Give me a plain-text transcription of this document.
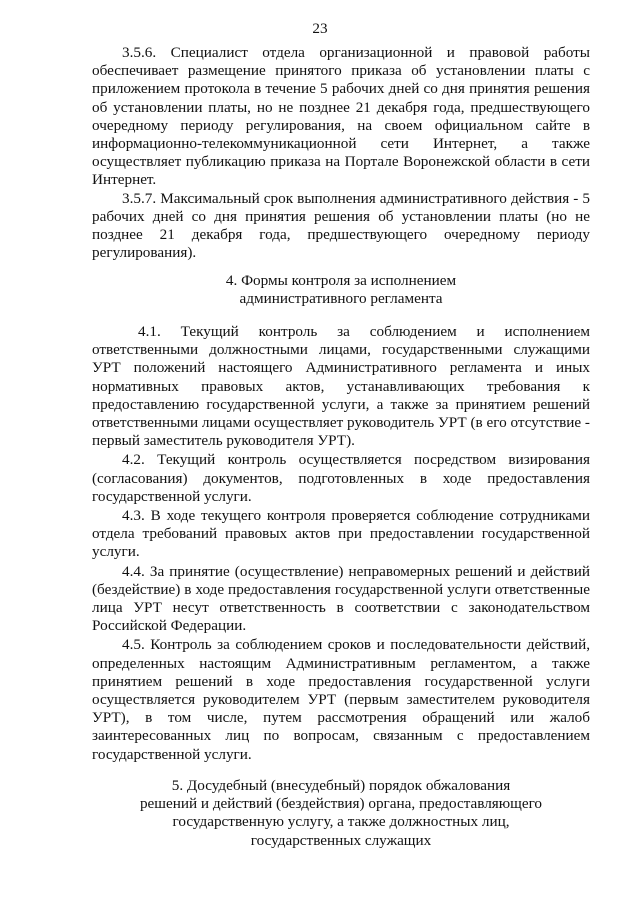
23

3.5.6. Специалист отдела организационной и правовой работы обеспечивает размещение принятого приказа об установлении платы с приложением протокола в течение 5 рабочих дней со дня принятия решения об установлении платы, но не позднее 21 декабря года, предшествующего очередному периоду регулирования, на своем официальном сайте в информационно-телекоммуникационной сети Интернет, а также осуществляет публикацию приказа на Портале Воронежской области в сети Интернет.

3.5.7. Максимальный срок выполнения административного действия - 5 рабочих дней со дня принятия решения об установлении платы (но не позднее 21 декабря года, предшествующего очередному периоду регулирования).

4. Формы контроля за исполнением
административного регламента

4.1. Текущий контроль за соблюдением и исполнением ответственными должностными лицами, государственными служащими УРТ положений настоящего Административного регламента и иных нормативных правовых актов, устанавливающих требования к предоставлению государственной услуги, а также за принятием решений ответственными лицами осуществляет руководитель УРТ (в его отсутствие - первый заместитель руководителя УРТ).

4.2. Текущий контроль осуществляется посредством визирования (согласования) документов, подготовленных в ходе предоставления государственной услуги.

4.3. В ходе текущего контроля проверяется соблюдение сотрудниками отдела требований правовых актов при предоставлении государственной услуги.

4.4. За принятие (осуществление) неправомерных решений и действий (бездействие) в ходе предоставления государственной услуги ответственные лица УРТ несут ответственность в соответствии с законодательством Российской Федерации.

4.5. Контроль за соблюдением сроков и последовательности действий, определенных настоящим Административным регламентом, а также принятием решений в ходе предоставления государственной услуги осуществляется руководителем УРТ (первым заместителем руководителя УРТ), в том числе, путем рассмотрения обращений или жалоб заинтересованных лиц по вопросам, связанным с предоставлением государственной услуги.

5. Досудебный (внесудебный) порядок обжалования
решений и действий (бездействия) органа, предоставляющего
государственную услугу, а также должностных лиц,
государственных служащих
